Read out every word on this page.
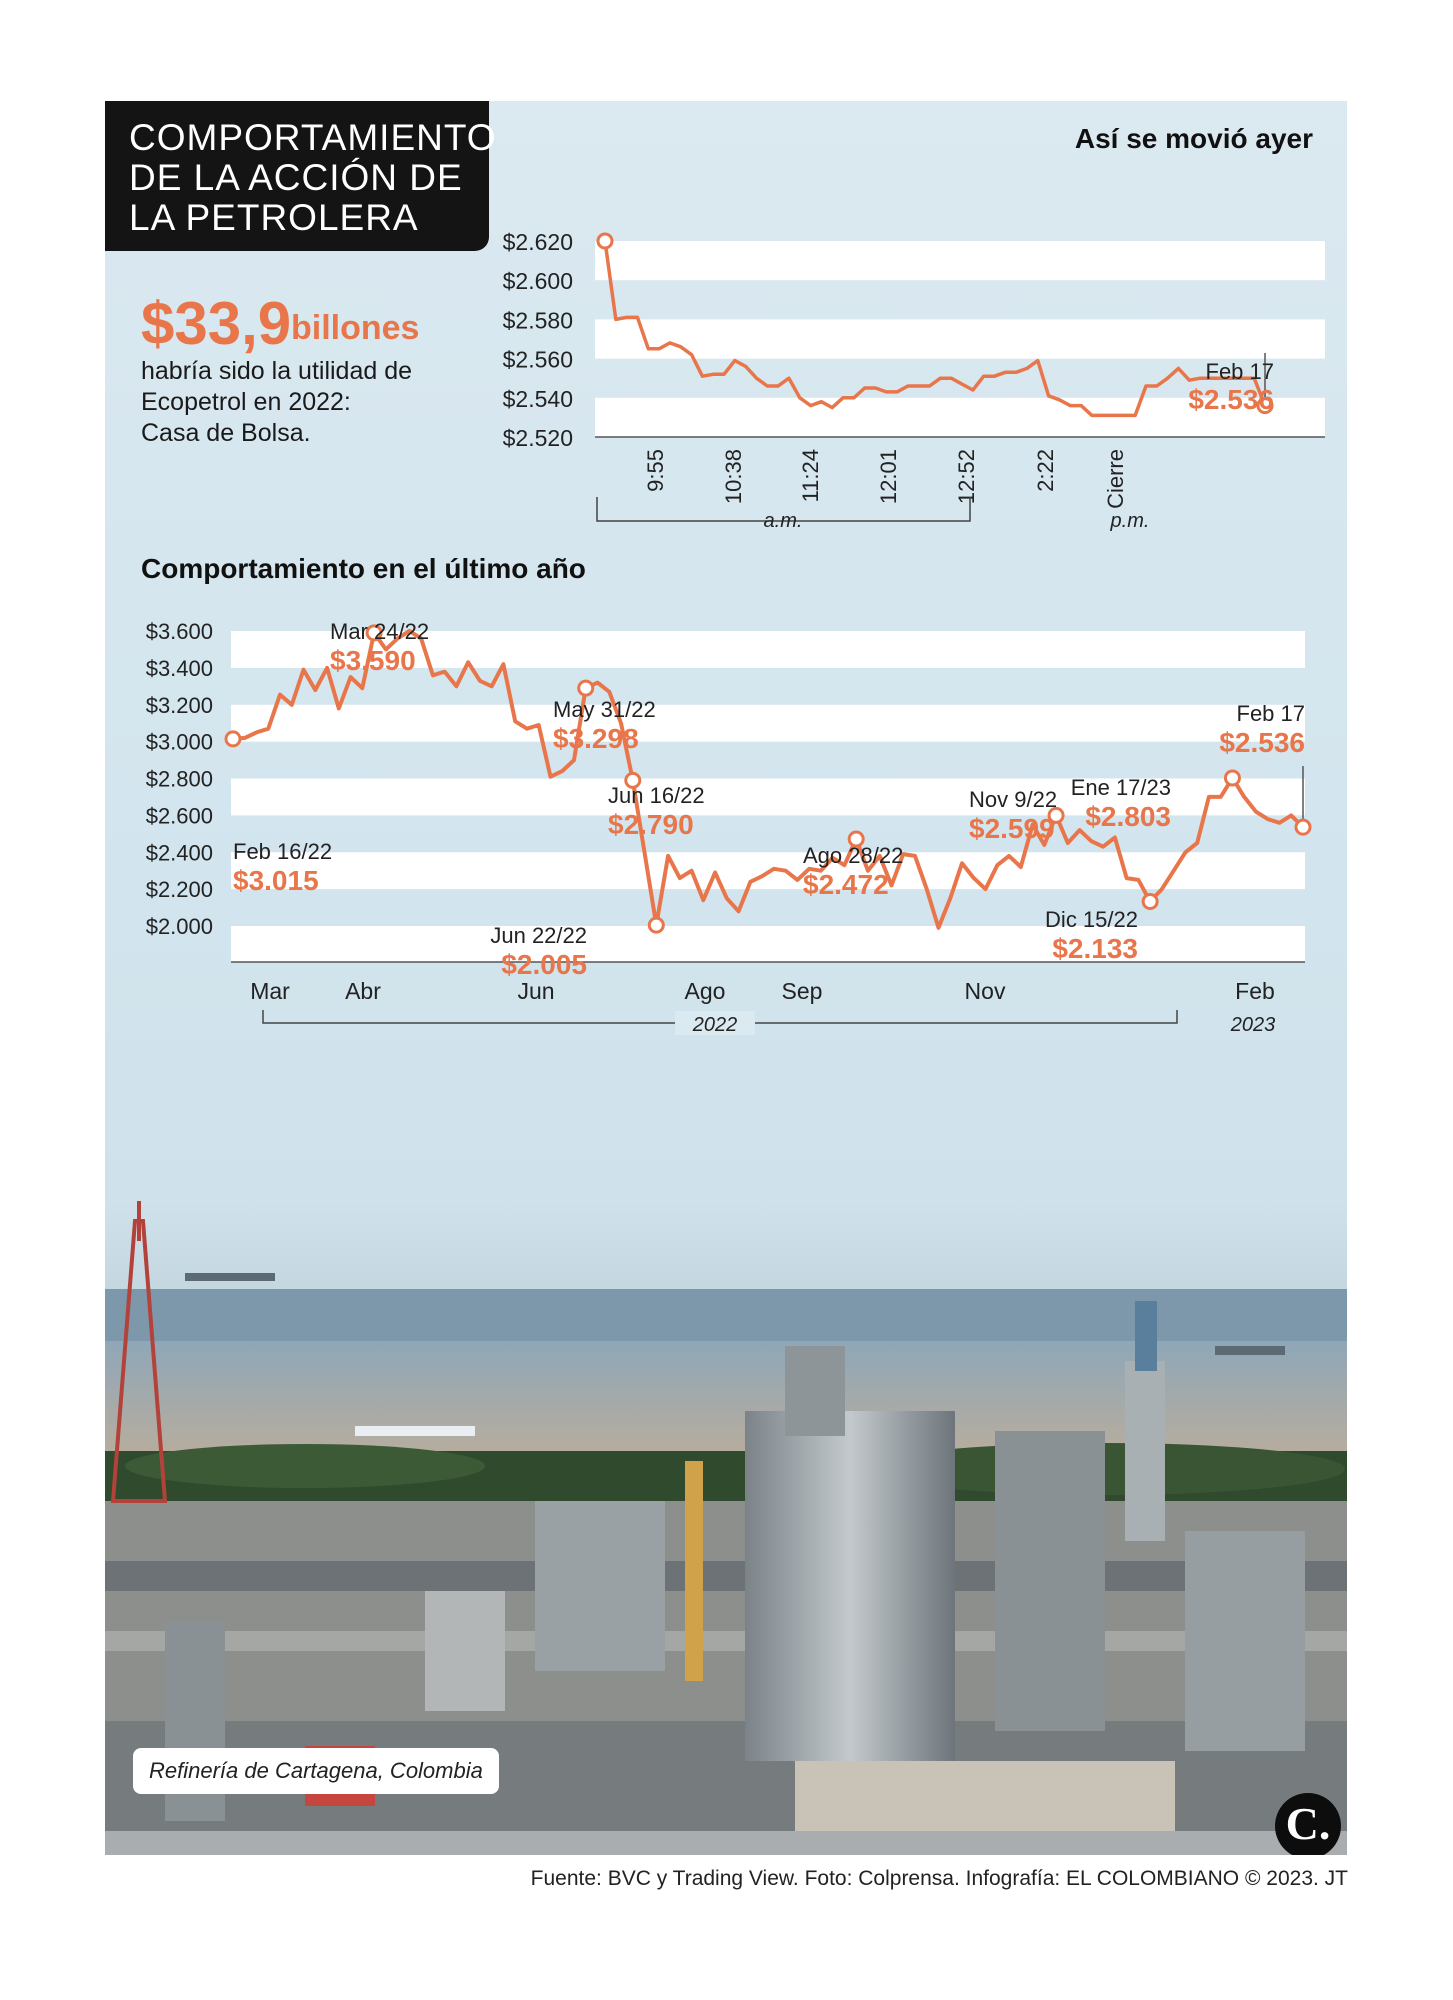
COMPORTAMIENTO
DE LA ACCIÓN DE
LA PETROLERA
$33,9 billones
habría sido la utilidad de
Ecopetrol en 2022:
Casa de Bolsa.
Así se movió ayer
$2.620
$2.600
$2.580
$2.560
$2.540
$2.520
9:55 10:38 11:24 12:01 12:52 2:22 Cierre
a.m.	p.m.
Feb 17
$2.536
Comportamiento en el último año
$3.600
$3.400
$3.200
$3.000
$2.800
$2.600
$2.400
$2.200
$2.000
Mar Abr	Jun	Ago Sep	Nov	Feb
2022	2023
Feb 16/22
$3.015
Mar 24/22
$3.590
May 31/22
$3.298
Jun 16/22
$2.790
Jun 22/22
$2.005
Ago 28/22
$2.472
Nov 9/22
$2.599
Dic 15/22
$2.133
Ene 17/23
$2.803
Feb 17
$2.536
Refinería de Cartagena, Colombia
C.
Fuente: BVC y Trading View. Foto: Colprensa. Infografía: EL COLOMBIANO © 2023. JT
